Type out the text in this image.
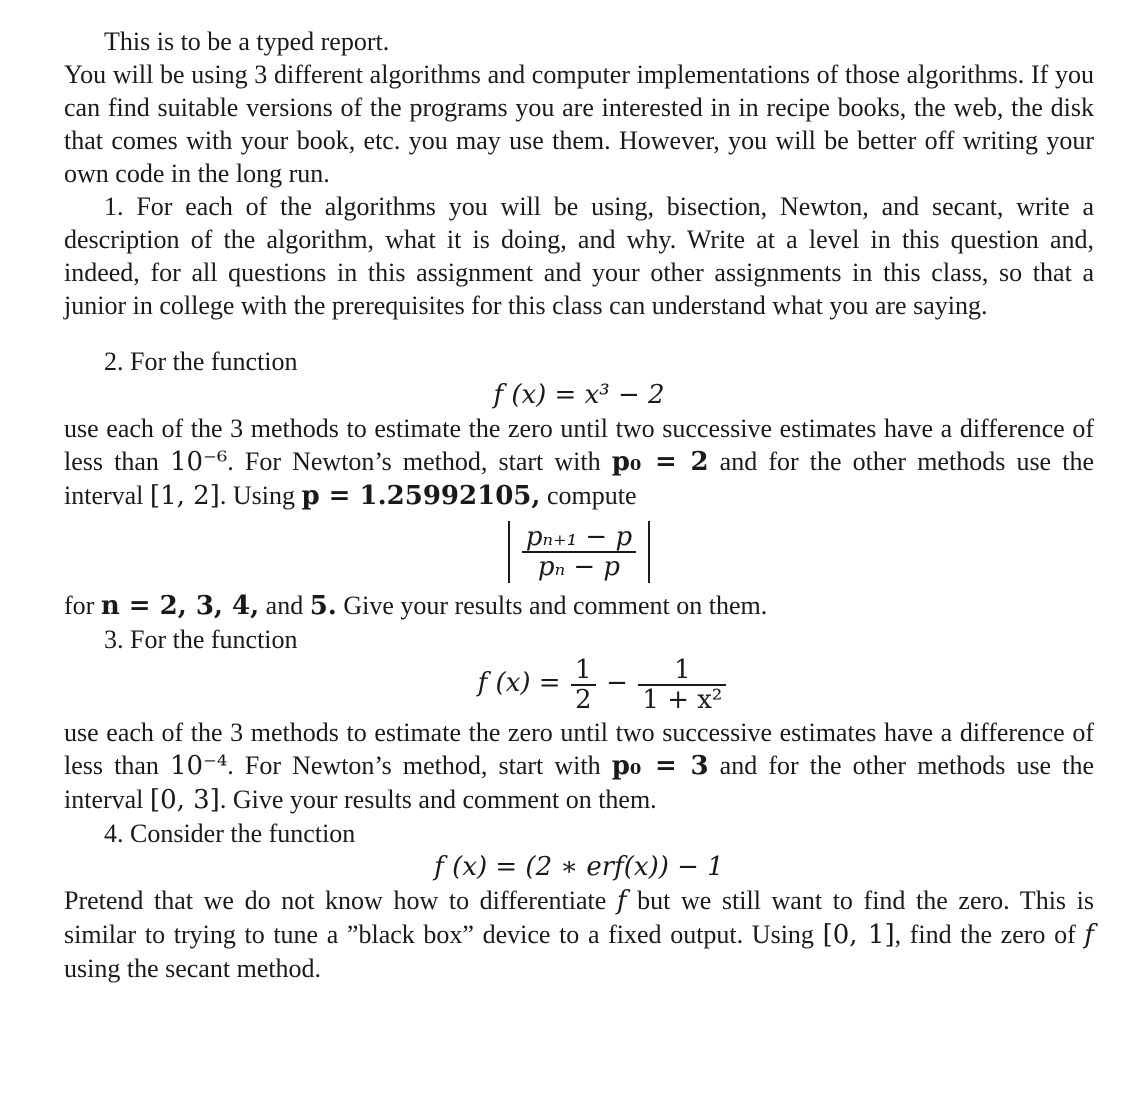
This is to be a typed report.

You will be using 3 different algorithms and computer implementations of those algorithms. If you can find suitable versions of the programs you are interested in in recipe books, the web, the disk that comes with your book, etc. you may use them. However, you will be better off writing your own code in the long run.

1. For each of the algorithms you will be using, bisection, Newton, and secant, write a description of the algorithm, what it is doing, and why. Write at a level in this question and, indeed, for all questions in this assignment and your other assignments in this class, so that a junior in college with the prerequisites for this class can understand what you are saying.

2. For the function

f (x) = x³ − 2

use each of the 3 methods to estimate the zero until two successive estimates have a difference of less than 10⁻⁶. For Newton’s method, start with p₀ = 2 and for the other methods use the interval [1, 2]. Using p = 1.25992105, compute

$\frac{\text{pₙ₊₁ − p}}{\text{pₙ − p}}$

for n = 2, 3, 4, and 5. Give your results and comment on them.

3. For the function

f $(x) = \frac{1}{2} - \frac{1}{\text{1 + x²}}$

use each of the 3 methods to estimate the zero until two successive estimates have a difference of less than 10⁻⁴. For Newton’s method, start with p₀ = 3 and for the other methods use the interval [0, 3]. Give your results and comment on them.

4. Consider the function

f (x) = (2 ∗ erf(x)) − 1

Pretend that we do not know how to differentiate f but we still want to find the zero. This is similar to trying to tune a ”black box” device to a fixed output. Using [0, 1], find the zero of f using the secant method.
